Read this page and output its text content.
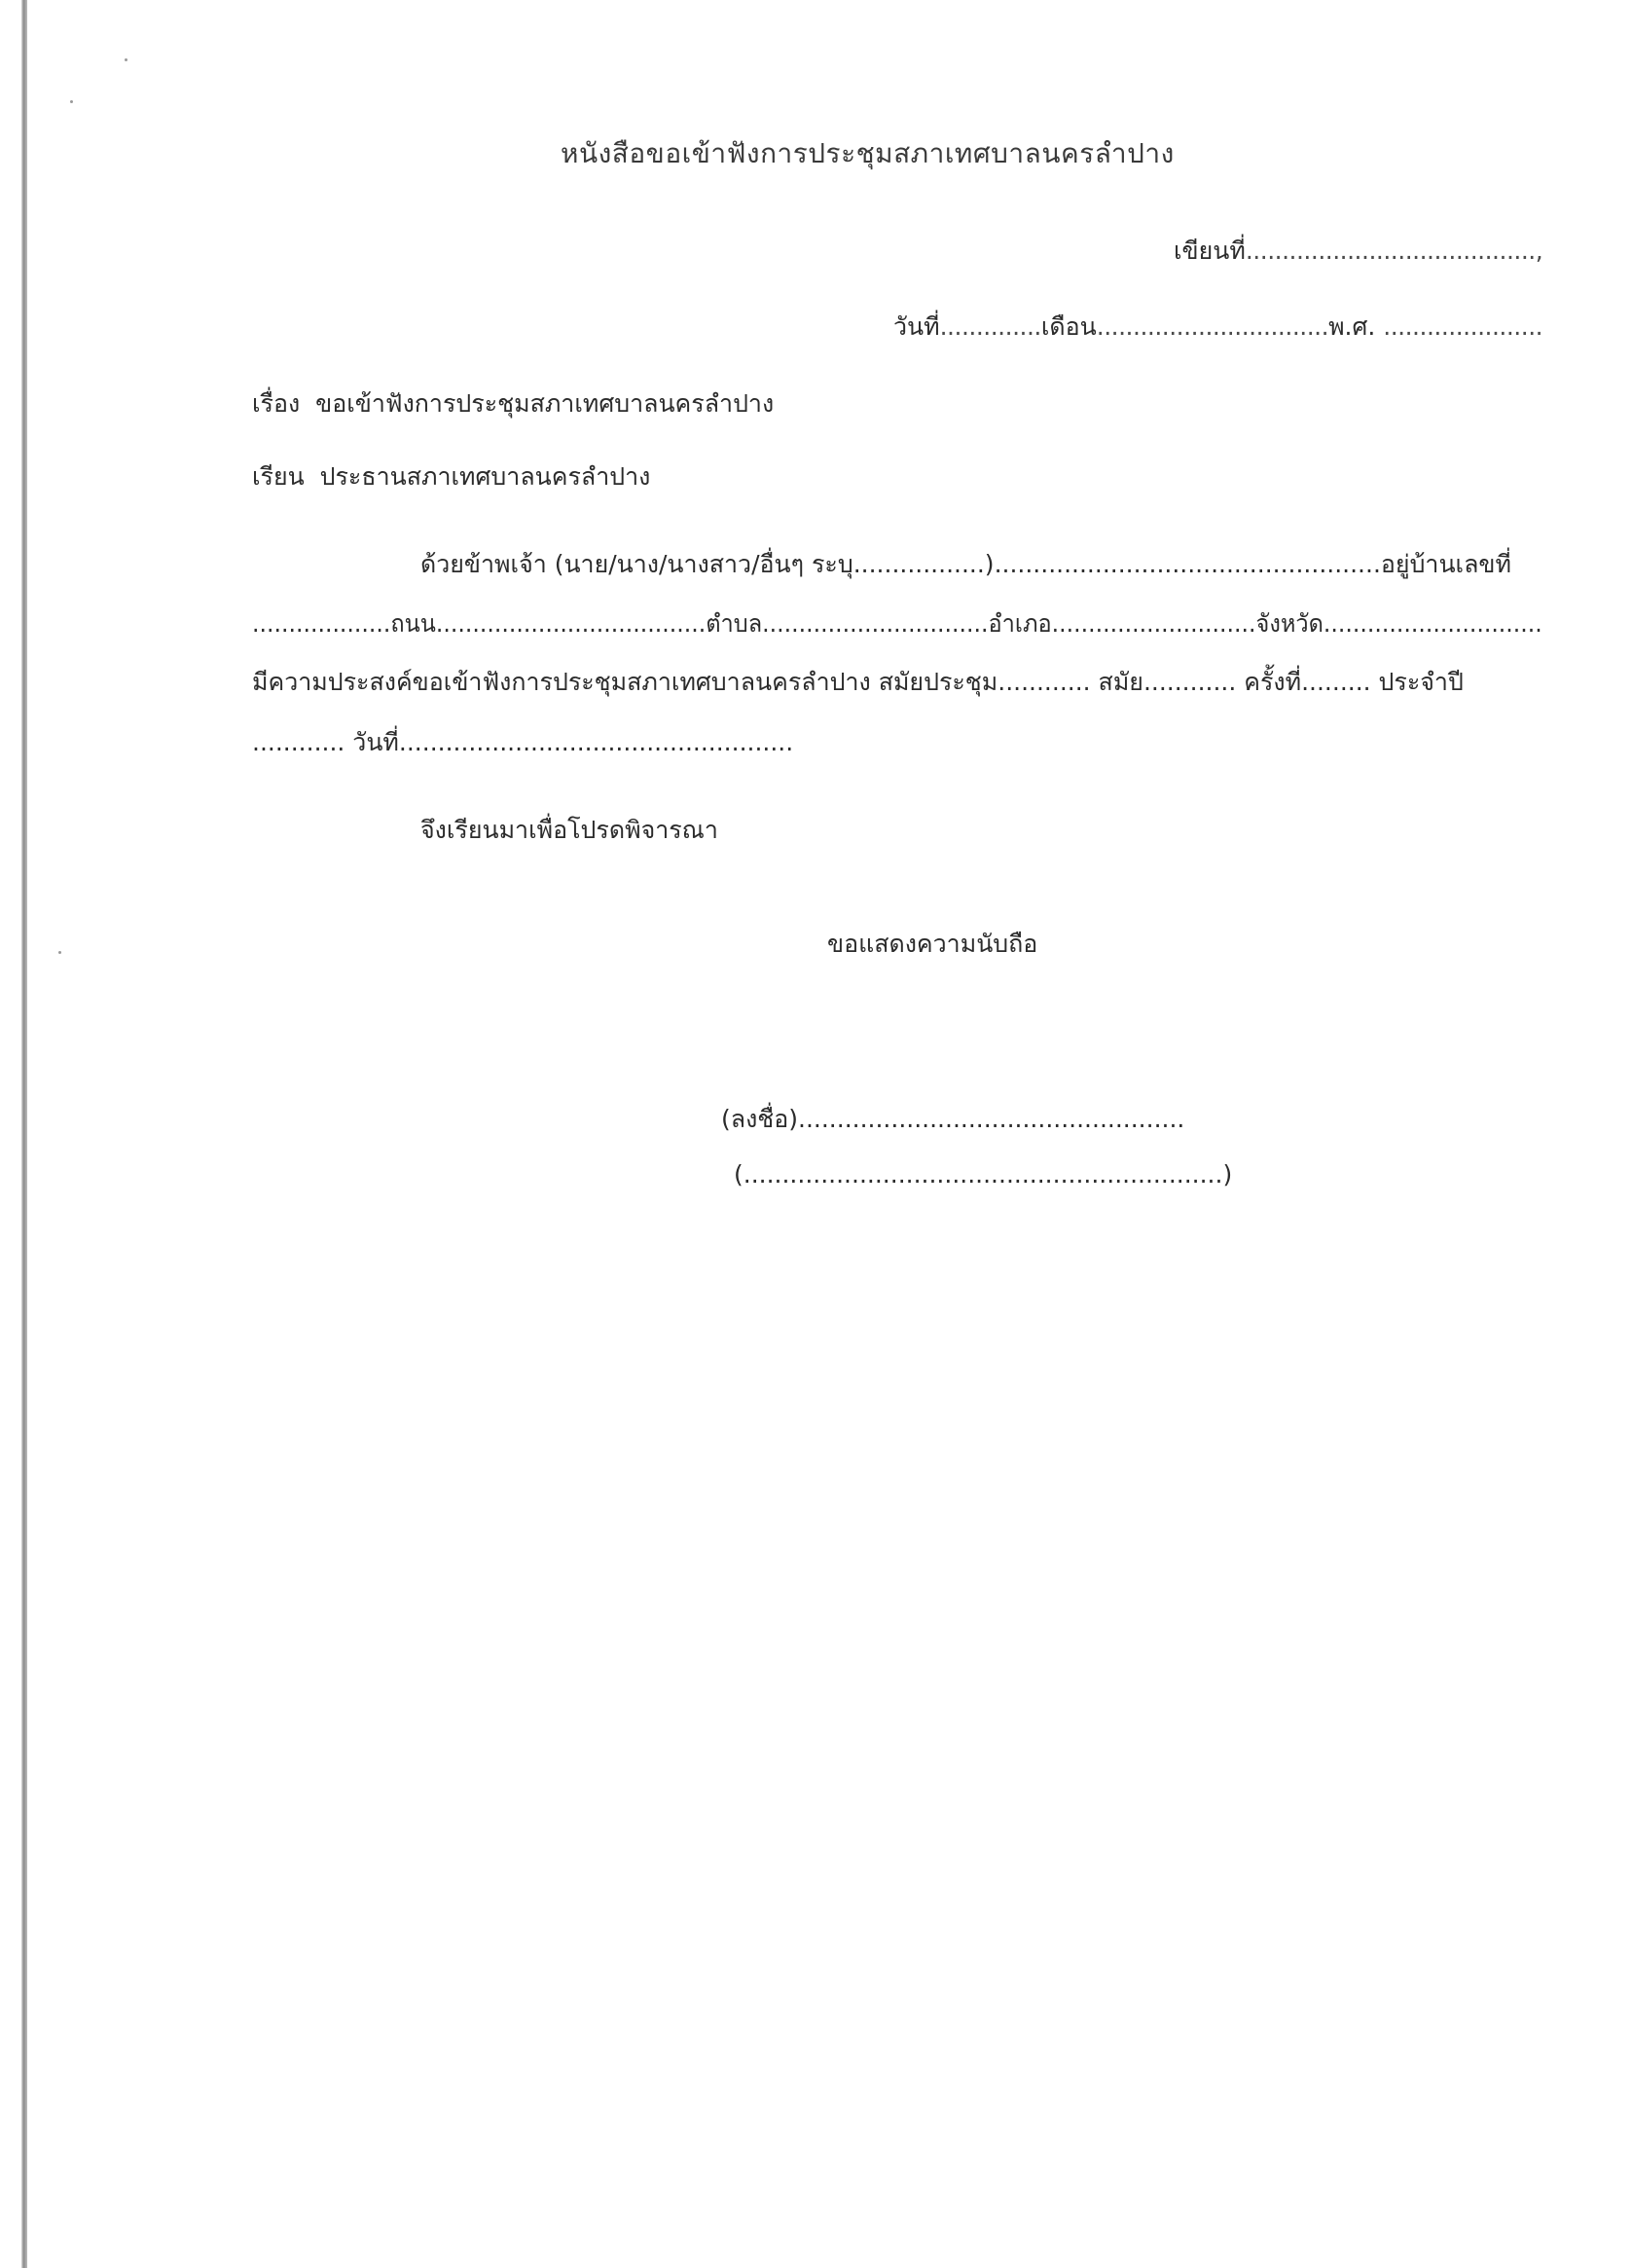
หนังสือขอเข้าฟังการประชุมสภาเทศบาลนครลำปาง
เขียนที่........................................,
วันที่..............เดือน................................พ.ศ. ......................
เรื่อง ขอเข้าฟังการประชุมสภาเทศบาลนครลำปาง
เรียน ประธานสภาเทศบาลนครลำปาง
ด้วยข้าพเจ้า (นาย/นาง/นางสาว/อื่นๆ ระบุ.................)..................................................อยู่บ้านเลขที่
...................ถนน.....................................ตำบล...............................อำเภอ............................จังหวัด..............................
มีความประสงค์ขอเข้าฟังการประชุมสภาเทศบาลนครลำปาง สมัยประชุม............ สมัย............ ครั้งที่......... ประจำปี
............ วันที่...................................................
จึงเรียนมาเพื่อโปรดพิจารณา
ขอแสดงความนับถือ
(ลงชื่อ)..................................................
(..............................................................)
